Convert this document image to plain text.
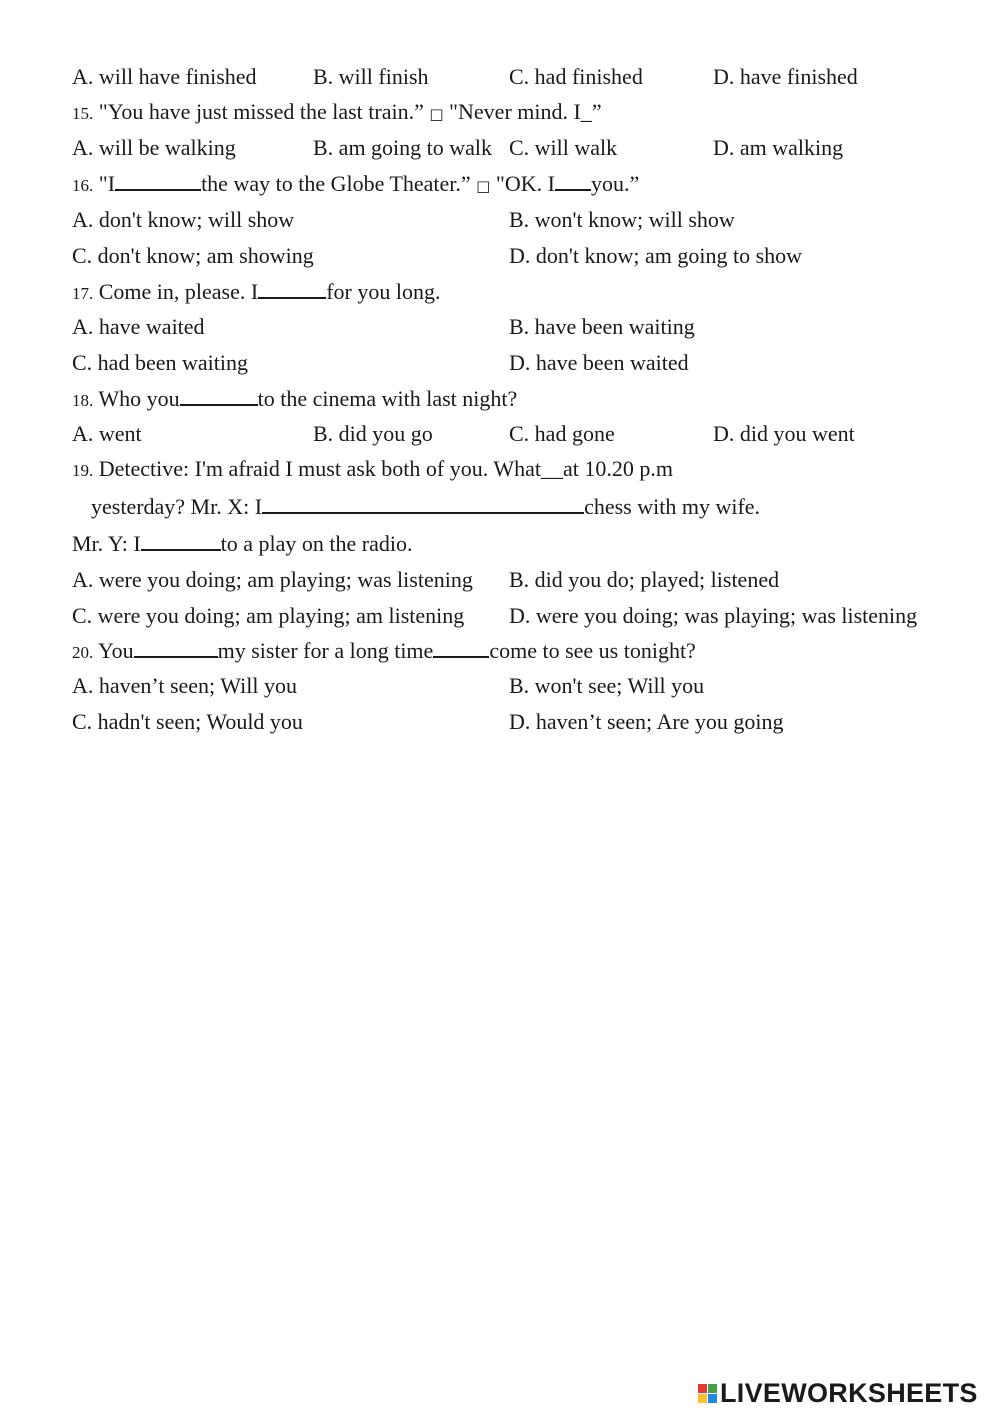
A. will have finished	B. will finish	C. had finished	D. have finished
15. "You have just missed the last train.” □ "Never mind. I_”
A. will be walking	B. am going to walk C. will walk	D. am walking
16. "I	the way to the Globe Theater.” □ "OK. I you.”
A. don't know; will show	B. won't know; will show
C. don't know; am showing	D. don't know; am going to show
17. Come in, please. I	for you long.
A. have waited	B. have been waiting
C. had been waiting	D. have been waited
18. Who you	to the cinema with last night?
A. went	B. did you go	C. had gone	D. did you went
19. Detective: I'm afraid I must ask both of you. What__at 10.20 p.m
yesterday? Mr. X: I	chess with my wife.
Mr. Y: I	to a play on the radio.
A. were you doing; am playing; was listening B. did you do; played; listened
C. were you doing; am playing; am listening D. were you doing; was playing; was listening
20. You	my sister for a long time	come to see us tonight?
A. haven’t seen; Will you	B. won't see; Will you
C. hadn't seen; Would you	D. haven’t seen; Are you going
LIVEWORKSHEETS
